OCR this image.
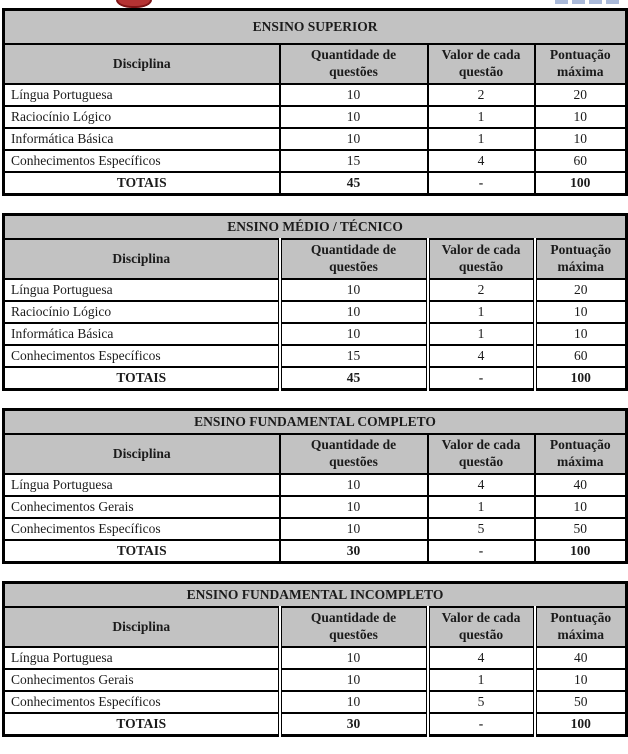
ENSINO SUPERIOR			
Disciplina	Quantidade de questões	Valor de cada questão	Pontuação máxima
Língua Portuguesa	10	2	20
Raciocínio Lógico	10	1	10
Informática Básica	10	1	10
Conhecimentos Específicos	15	4	60
TOTAIS	45	-	100
ENSINO MÉDIO / TÉCNICO			
Disciplina	Quantidade de questões	Valor de cada questão	Pontuação máxima
Língua Portuguesa	10	2	20
Raciocínio Lógico	10	1	10
Informática Básica	10	1	10
Conhecimentos Específicos	15	4	60
TOTAIS	45	-	100
ENSINO FUNDAMENTAL COMPLETO			
Disciplina	Quantidade de questões	Valor de cada questão	Pontuação máxima
Língua Portuguesa	10	4	40
Conhecimentos Gerais	10	1	10
Conhecimentos Específicos	10	5	50
TOTAIS	30	-	100
ENSINO FUNDAMENTAL INCOMPLETO			
Disciplina	Quantidade de questões	Valor de cada questão	Pontuação máxima
Língua Portuguesa	10	4	40
Conhecimentos Gerais	10	1	10
Conhecimentos Específicos	10	5	50
TOTAIS	30	-	100
